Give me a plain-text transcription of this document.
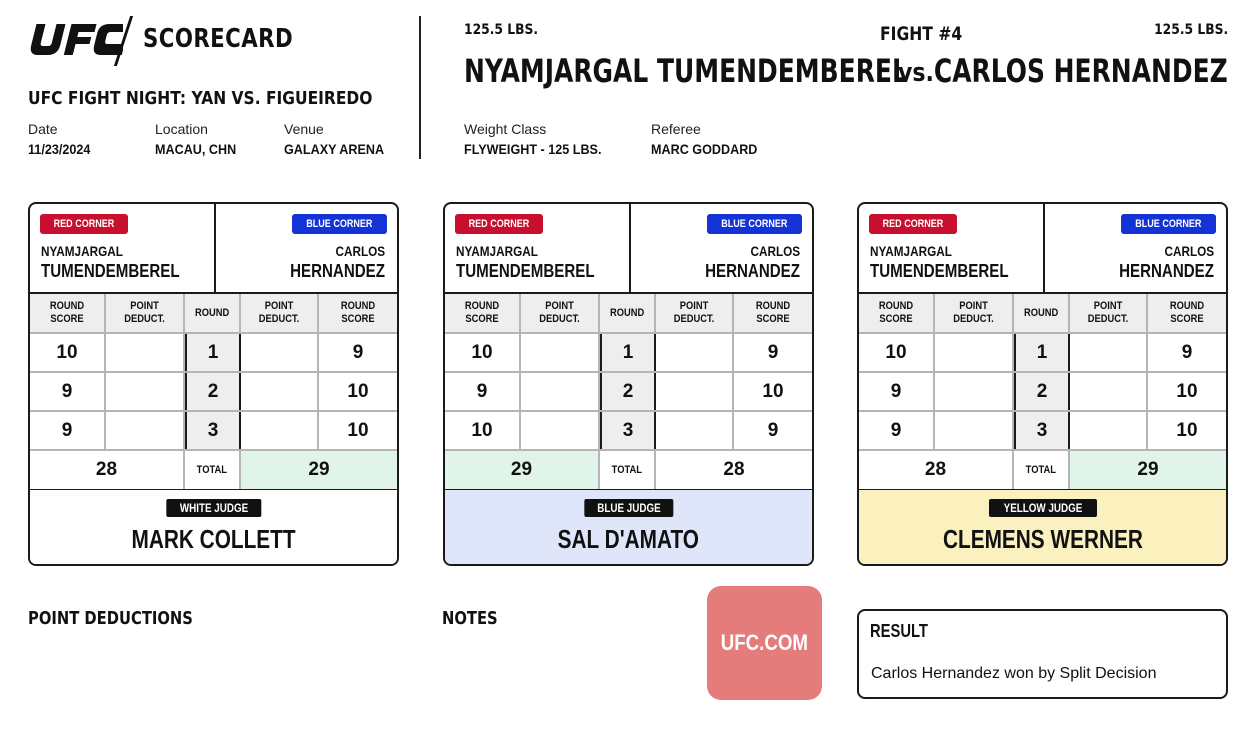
SCORECARD
UFC FIGHT NIGHT: YAN VS. FIGUEIREDO
Date
11/23/2024
Location
MACAU, CHN
Venue
GALAXY ARENA
125.5 LBS.	FIGHT #4	125.5 LBS.
NYAMJARGAL TUMENDEMBEREL
vs. CARLOS HERNANDEZ
Weight Class
FLYWEIGHT - 125 LBS.
Referee
MARC GODDARD
RED CORNER
NYAMJARGAL
TUMENDEMBEREL
BLUE CORNER
CARLOS
HERNANDEZ
ROUND SCORE
POINT DEDUCT.
ROUND
POINT DEDUCT.
ROUND SCORE
10	1	9
9	2	10
9	3	10
28	TOTAL	29
WHITE JUDGE
MARK COLLETT
RED CORNER
NYAMJARGAL
TUMENDEMBEREL
BLUE CORNER
CARLOS
HERNANDEZ
ROUND SCORE
POINT DEDUCT.
ROUND
POINT DEDUCT.
ROUND SCORE
10	1	9
9	2	10
10	3	9
29	TOTAL	28
BLUE JUDGE
SAL D'AMATO
RED CORNER
NYAMJARGAL
TUMENDEMBEREL
BLUE CORNER
CARLOS
HERNANDEZ
ROUND SCORE
POINT DEDUCT.
ROUND
POINT DEDUCT.
ROUND SCORE
10	1	9
9	2	10
9	3	10
28	TOTAL	29
YELLOW JUDGE
CLEMENS WERNER
POINT DEDUCTIONS	NOTES
UFC.COM	RESULT
Carlos Hernandez won by Split Decision
